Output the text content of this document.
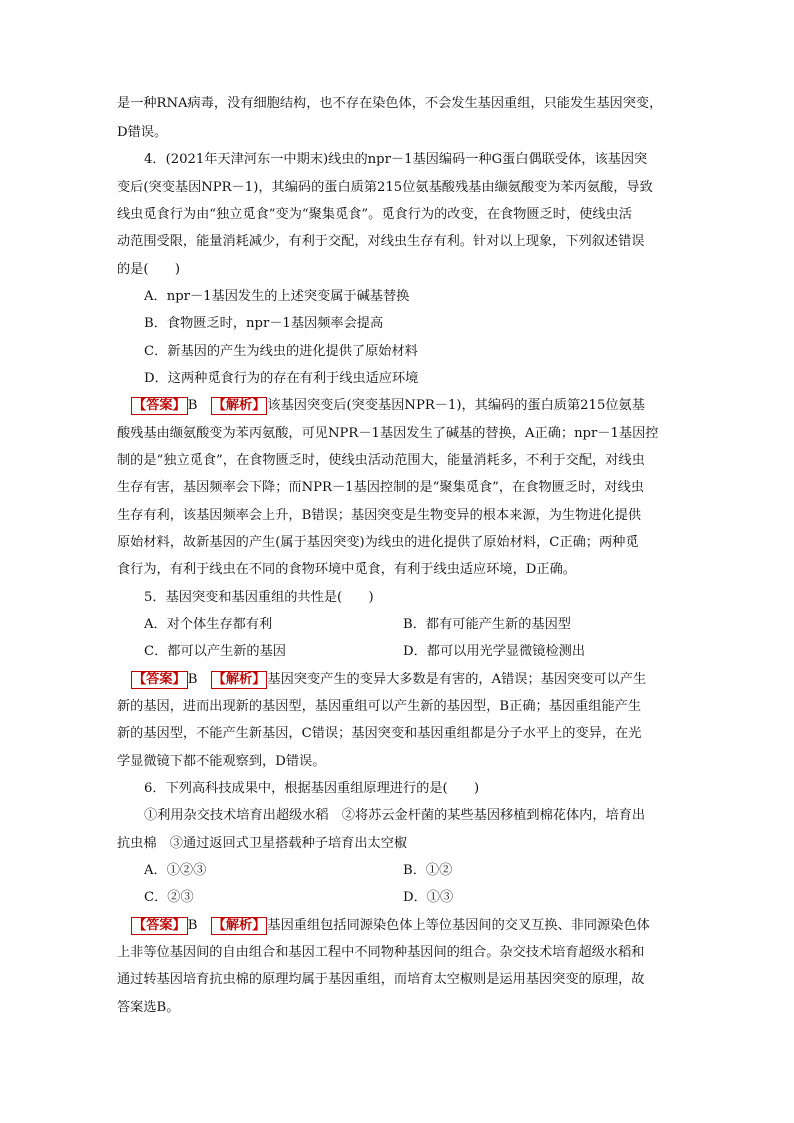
是一种RNA病毒，没有细胞结构，也不存在染色体，不会发生基因重组，只能发生基因突变，
D错误。
4．(2021年天津河东一中期末)线虫的npr－1基因编码一种G蛋白偶联受体，该基因突
变后(突变基因NPR－1)，其编码的蛋白质第215位氨基酸残基由缬氨酸变为苯丙氨酸，导致
线虫觅食行为由“独立觅食”变为“聚集觅食”。觅食行为的改变，在食物匮乏时，使线虫活
动范围受限，能量消耗减少，有利于交配，对线虫生存有利。针对以上现象，下列叙述错误
的是(　　)
A．npr－1基因发生的上述突变属于碱基替换
B．食物匮乏时，npr－1基因频率会提高
C．新基因的产生为线虫的进化提供了原始材料
D．这两种觅食行为的存在有利于线虫适应环境
【答案】 B　 【解析】 该基因突变后(突变基因NPR－1)，其编码的蛋白质第215位氨基
酸残基由缬氨酸变为苯丙氨酸，可见NPR－1基因发生了碱基的替换，A正确；npr－1基因控
制的是“独立觅食”，在食物匮乏时，使线虫活动范围大，能量消耗多，不利于交配，对线虫
生存有害，基因频率会下降；而NPR－1基因控制的是“聚集觅食”，在食物匮乏时，对线虫
生存有利，该基因频率会上升，B错误；基因突变是生物变异的根本来源，为生物进化提供
原始材料，故新基因的产生(属于基因突变)为线虫的进化提供了原始材料，C正确；两种觅
食行为，有利于线虫在不同的食物环境中觅食，有利于线虫适应环境，D正确。
5．基因突变和基因重组的共性是(　　)
A．对个体生存都有利	B．都有可能产生新的基因型
C．都可以产生新的基因	D．都可以用光学显微镜检测出
【答案】 B　 【解析】 基因突变产生的变异大多数是有害的，A错误；基因突变可以产生
新的基因，进而出现新的基因型，基因重组可以产生新的基因型，B正确；基因重组能产生
新的基因型，不能产生新基因，C错误；基因突变和基因重组都是分子水平上的变异，在光
学显微镜下都不能观察到，D错误。
6．下列高科技成果中，根据基因重组原理进行的是(　　)
①利用杂交技术培育出超级水稻　②将苏云金杆菌的某些基因移植到棉花体内，培育出
抗虫棉　③通过返回式卫星搭载种子培育出太空椒
A．①②③	B．①②
C．②③	D．①③
【答案】 B　 【解析】 基因重组包括同源染色体上等位基因间的交叉互换、非同源染色体
上非等位基因间的自由组合和基因工程中不同物种基因间的组合。杂交技术培育超级水稻和
通过转基因培育抗虫棉的原理均属于基因重组，而培育太空椒则是运用基因突变的原理，故
答案选B。
